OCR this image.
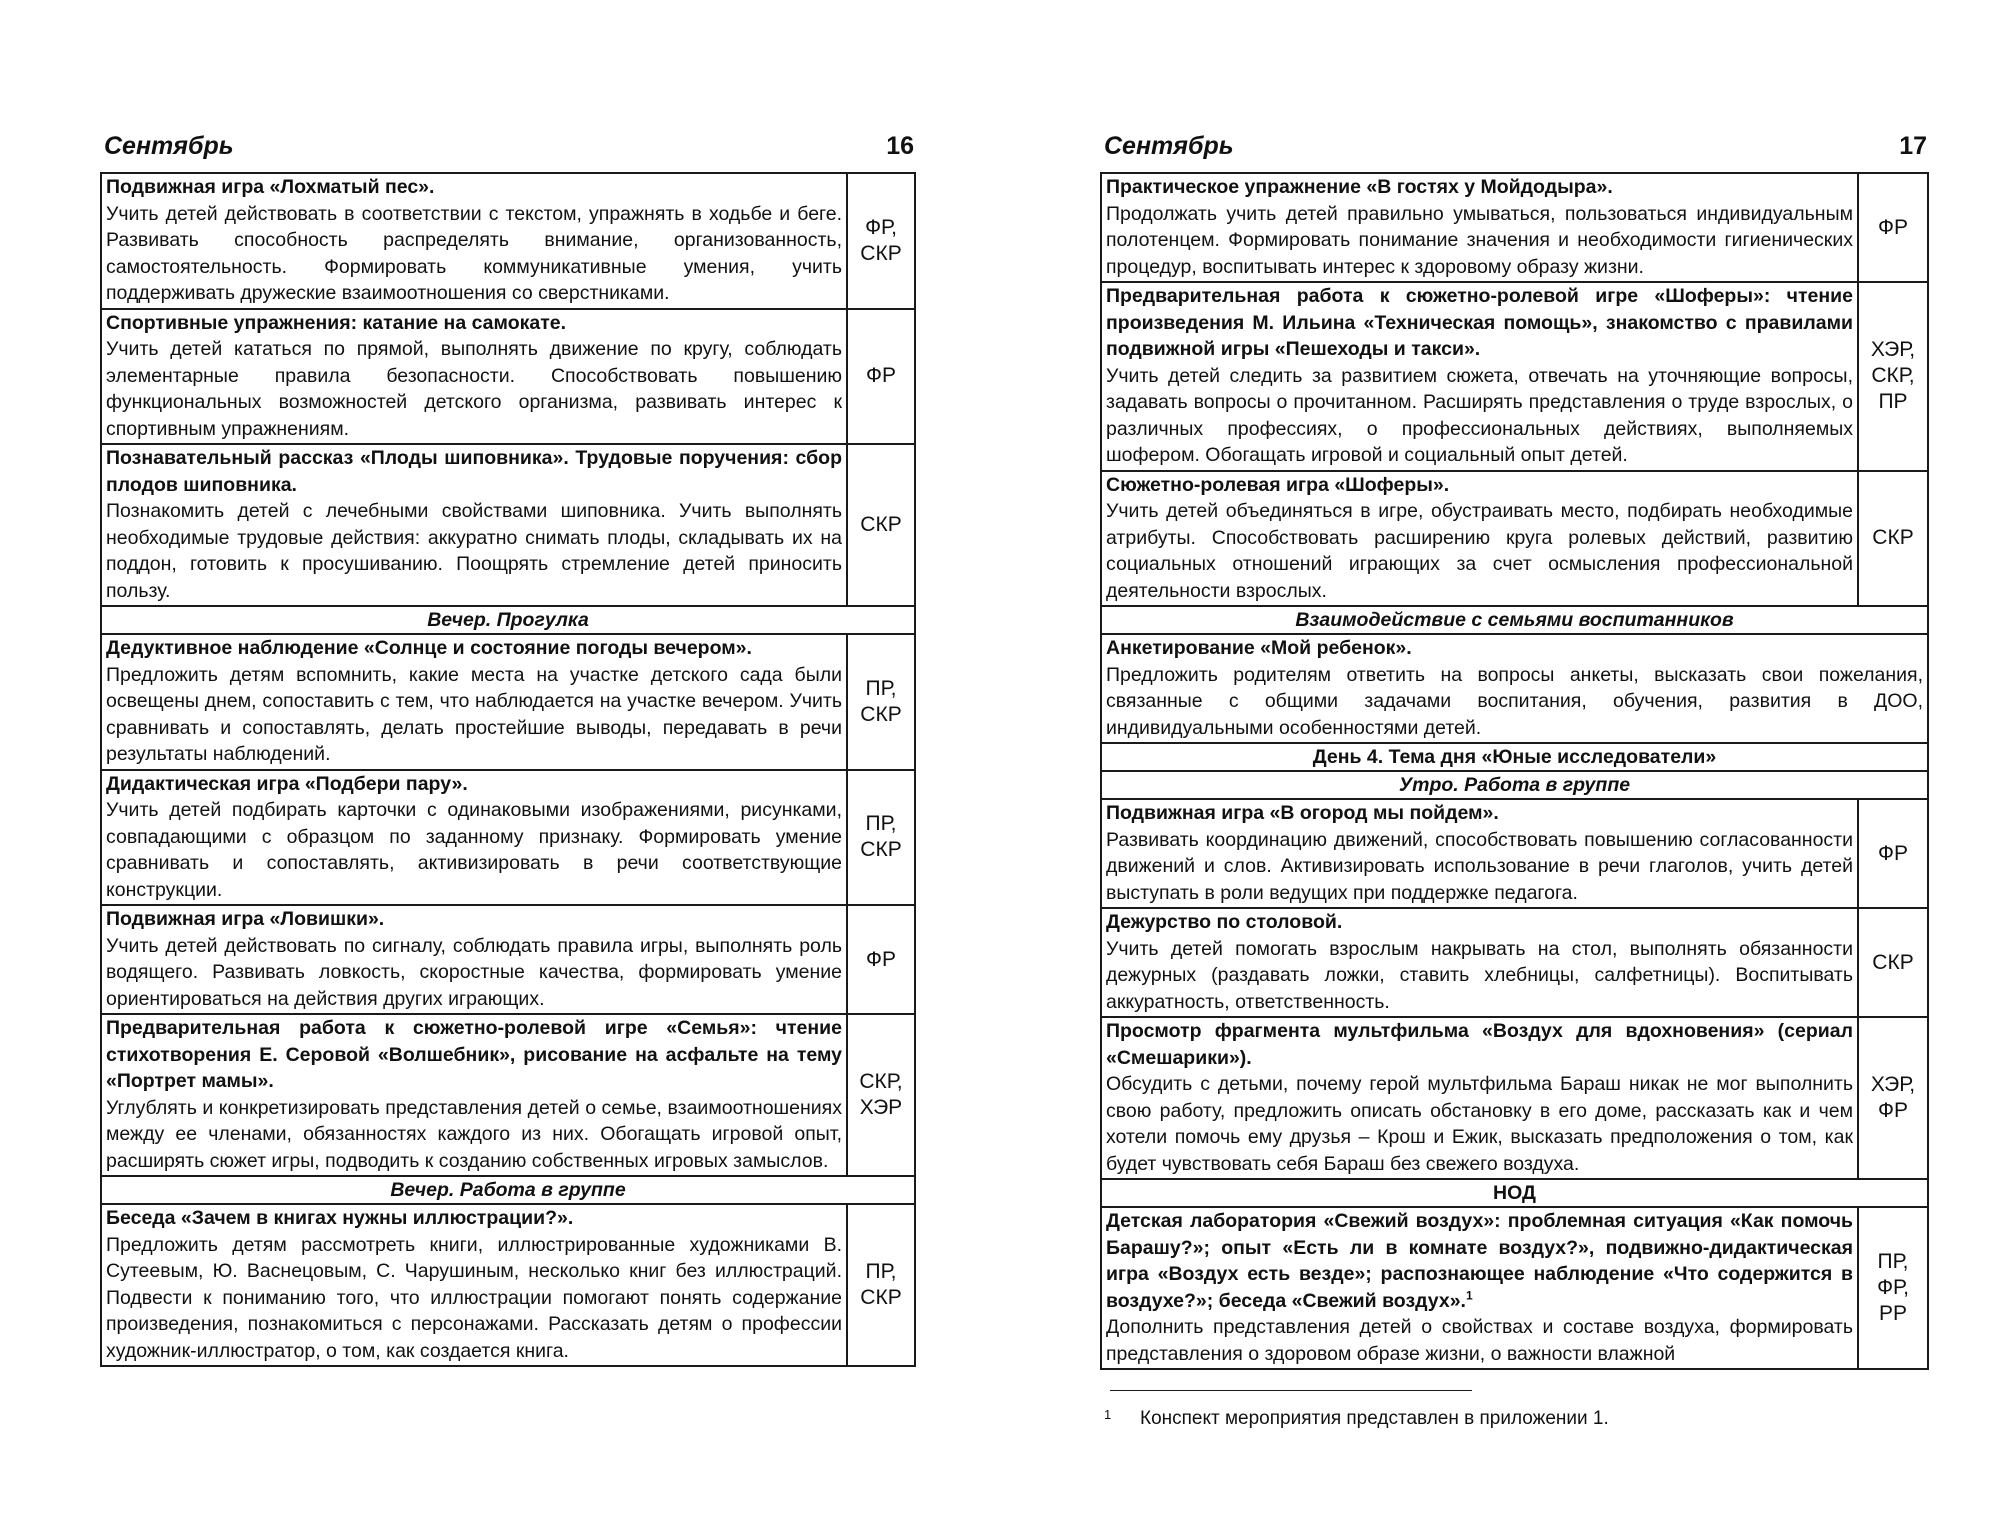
Сентябрь	16
Подвижная игра «Лохматый пес».
Учить детей действовать в соответствии с текстом, упражнять в ходьбе и беге. Развивать способность распределять внимание, организованность, самостоятельность. Формировать коммуникативные умения, учить поддерживать дружеские взаимоотношения со сверстниками.	ФР, СКР

Спортивные упражнения: катание на самокате.
Учить детей кататься по прямой, выполнять движение по кругу, соблюдать элементарные правила безопасности. Способствовать повышению функциональных возможностей детского организма, развивать интерес к спортивным упражнениям.	ФР

Познавательный рассказ «Плоды шиповника». Трудовые поручения: сбор плодов шиповника.
Познакомить детей с лечебными свойствами шиповника. Учить выполнять необходимые трудовые действия: аккуратно снимать плоды, складывать их на поддон, готовить к просушиванию. Поощрять стремление детей приносить пользу.	СКР
Вечер. Прогулка	

Дедуктивное наблюдение «Солнце и состояние погоды вечером».
Предложить детям вспомнить, какие места на участке детского сада были освещены днем, сопоставить с тем, что наблюдается на участке вечером. Учить сравнивать и сопоставлять, делать простейшие выводы, передавать в речи результаты наблюдений.	ПР, СКР

Дидактическая игра «Подбери пару».
Учить детей подбирать карточки с одинаковыми изображениями, рисунками, совпадающими с образцом по заданному признаку. Формировать умение сравнивать и сопоставлять, активизировать в речи соответствующие конструкции.	ПР, СКР

Подвижная игра «Ловишки».
Учить детей действовать по сигналу, соблюдать правила игры, выполнять роль водящего. Развивать ловкость, скоростные качества, формировать умение ориентироваться на действия других играющих.	ФР

Предварительная работа к сюжетно-ролевой игре «Семья»: чтение стихотворения Е. Серовой «Волшебник», рисование на асфальте на тему «Портрет мамы».
Углублять и конкретизировать представления детей о семье, взаимоотношениях между ее членами, обязанностях каждого из них. Обогащать игровой опыт, расширять сюжет игры, подводить к созданию собственных игровых замыслов.	СКР, ХЭР
Вечер. Работа в группе	

Беседа «Зачем в книгах нужны иллюстрации?».
Предложить детям рассмотреть книги, иллюстрированные художниками В. Сутеевым, Ю. Васнецовым, С. Чарушиным, несколько книг без иллюстраций. Подвести к пониманию того, что иллюстрации помогают понять содержание произведения, познакомиться с персонажами. Рассказать детям о профессии художник-иллюстратор, о том, как создается книга.	ПР, СКР
Сентябрь	17
Практическое упражнение «В гостях у Мойдодыра».
Продолжать учить детей правильно умываться, пользоваться индивидуальным полотенцем. Формировать понимание значения и необходимости гигиенических процедур, воспитывать интерес к здоровому образу жизни.	ФР

Предварительная работа к сюжетно-ролевой игре «Шоферы»: чтение произведения М. Ильина «Техническая помощь», знакомство с правилами подвижной игры «Пешеходы и такси».
Учить детей следить за развитием сюжета, отвечать на уточняющие вопросы, задавать вопросы о прочитанном. Расширять представления о труде взрослых, о различных профессиях, о профессиональных действиях, выполняемых шофером. Обогащать игровой и социальный опыт детей.	ХЭР, СКР, ПР

Сюжетно-ролевая игра «Шоферы».
Учить детей объединяться в игре, обустраивать место, подбирать необходимые атрибуты. Способствовать расширению круга ролевых действий, развитию социальных отношений играющих за счет осмысления профессиональной деятельности взрослых.	СКР
Взаимодействие с семьями воспитанников	

Анкетирование «Мой ребенок».
Предложить родителям ответить на вопросы анкеты, высказать свои пожелания, связанные с общими задачами воспитания, обучения, развития в ДОО, индивидуальными особенностями детей.	

День 4. Тема дня «Юные исследователи»	
Утро. Работа в группе	

Подвижная игра «В огород мы пойдем».
Развивать координацию движений, способствовать повышению согласованности движений и слов. Активизировать использование в речи глаголов, учить детей выступать в роли ведущих при поддержке педагога.	ФР

Дежурство по столовой.
Учить детей помогать взрослым накрывать на стол, выполнять обязанности дежурных (раздавать ложки, ставить хлебницы, салфетницы). Воспитывать аккуратность, ответственность.	СКР

Просмотр фрагмента мультфильма «Воздух для вдохновения» (сериал «Смешарики»).
Обсудить с детьми, почему герой мультфильма Бараш никак не мог выполнить свою работу, предложить описать обстановку в его доме, рассказать как и чем хотели помочь ему друзья – Крош и Ежик, высказать предположения о том, как будет чувствовать себя Бараш без свежего воздуха.	ХЭР, ФР
НОД	

Детская лаборатория «Свежий воздух»: проблемная ситуация «Как помочь Барашу?»; опыт «Есть ли в комнате воздух?», подвижно-дидактическая игра «Воздух есть везде»; распознающее наблюдение «Что содержится в воздухе?»; беседа «Свежий воздух».$^1$
Дополнить представления детей о свойствах и составе воздуха, формировать представления о здоровом образе жизни, о важности влажной	ПР, ФР, РР
1 Конспект мероприятия представлен в приложении 1.
